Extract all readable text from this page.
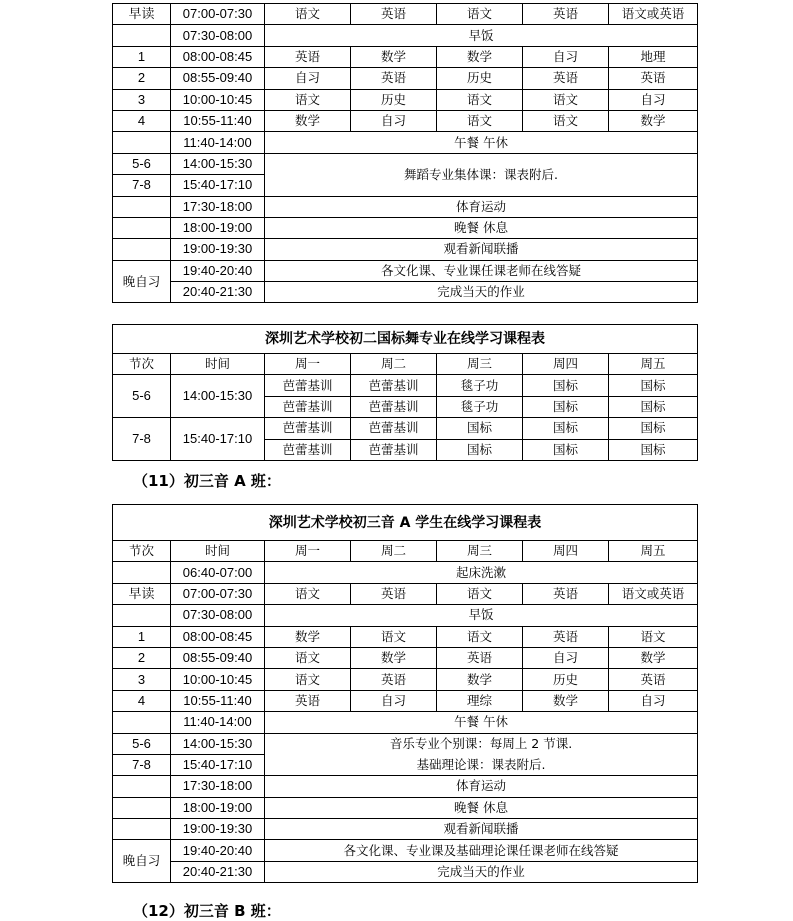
早读	07:00-07:30	语文	英语	语文	英语	语文或英语
	07:30-08:00	早饭				
1	08:00-08:45	英语	数学	数学	自习	地理
2	08:55-09:40	自习	英语	历史	英语	英语
3	10:00-10:45	语文	历史	语文	语文	自习
4	10:55-11:40	数学	自习	语文	语文	数学
	11:40-14:00	午餐 午休				
5-6	14:00-15:30	舞蹈专业集体课：课表附后.				
7-8	15:40-17:10					
	17:30-18:00	体育运动				
	18:00-19:00	晚餐 休息				
	19:00-19:30	观看新闻联播				
晚自习	19:40-20:40	各文化课、专业课任课老师在线答疑				
	20:40-21:30	完成当天的作业				
深圳艺术学校初二国标舞专业在线学习课程表						
节次	时间	周一	周二	周三	周四	周五
5-6	14:00-15:30	芭蕾基训	芭蕾基训	毯子功	国标	国标
		芭蕾基训	芭蕾基训	毯子功	国标	国标
7-8	15:40-17:10	芭蕾基训	芭蕾基训	国标	国标	国标
		芭蕾基训	芭蕾基训	国标	国标	国标
（11）初三音 A 班：
深圳艺术学校初三音 A 学生在线学习课程表						
节次	时间	周一	周二	周三	周四	周五
	06:40-07:00	起床洗漱				
早读	07:00-07:30	语文	英语	语文	英语	语文或英语
	07:30-08:00	早饭				
1	08:00-08:45	数学	语文	语文	英语	语文
2	08:55-09:40	语文	数学	英语	自习	数学
3	10:00-10:45	语文	英语	数学	历史	英语
4	10:55-11:40	英语	自习	理综	数学	自习
	11:40-14:00	午餐 午休				
5-6	14:00-15:30	音乐专业个别课：每周上 2 节课.				
7-8	15:40-17:10	基础理论课：课表附后.				
	17:30-18:00	体育运动				
	18:00-19:00	晚餐 休息				
	19:00-19:30	观看新闻联播				
晚自习	19:40-20:40	各文化课、专业课及基础理论课任课老师在线答疑				
	20:40-21:30	完成当天的作业				
（12）初三音 B 班：
